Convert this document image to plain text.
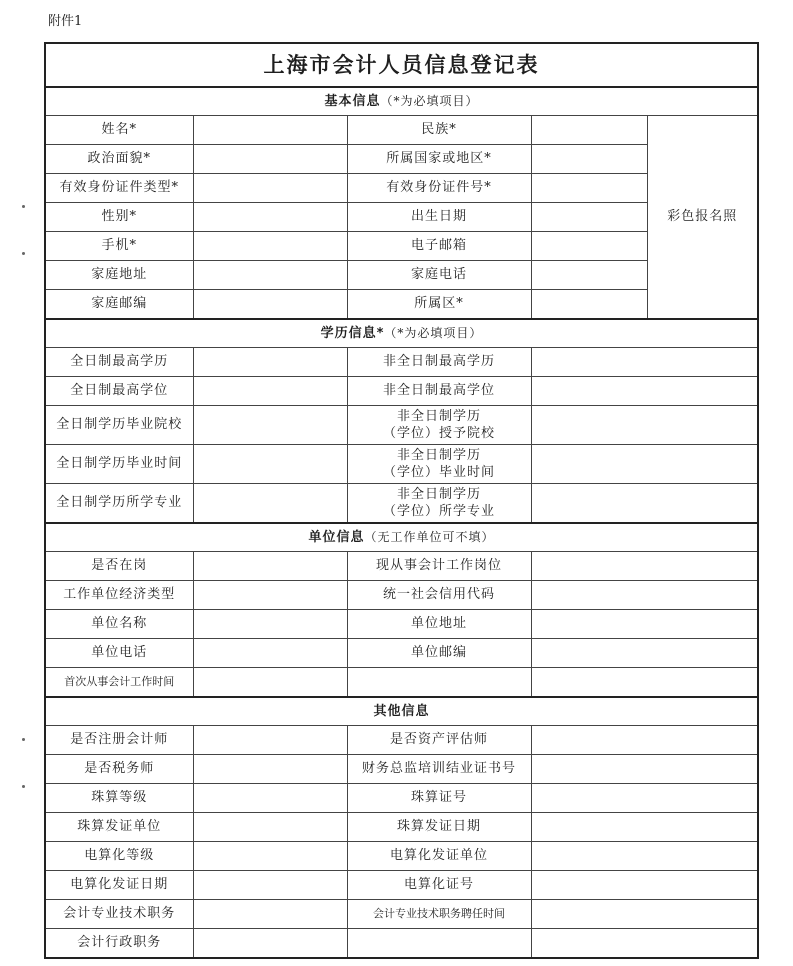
附件1
上海市会计人员信息登记表				
基本信息（*为必填项目）				
姓名*		民族*		彩色报名照
政治面貌*		所属国家或地区*		
有效身份证件类型*		有效身份证件号*		
性别*		出生日期		
手机*		电子邮箱		
家庭地址		家庭电话		
家庭邮编		所属区*		
学历信息*（*为必填项目）				
全日制最高学历		非全日制最高学历		
全日制最高学位		非全日制最高学位		
全日制学历毕业院校		非全日制学历
（学位）授予院校		

全日制学历毕业时间		非全日制学历
（学位）毕业时间		

全日制学历所学专业		非全日制学历
（学位）所学专业		

单位信息（无工作单位可不填）				
是否在岗		现从事会计工作岗位		
工作单位经济类型		统一社会信用代码		
单位名称		单位地址		
单位电话		单位邮编		
首次从事会计工作时间				
其他信息				
是否注册会计师		是否资产评估师		
是否税务师		财务总监培训结业证书号		
珠算等级		珠算证号		
珠算发证单位		珠算发证日期		
电算化等级		电算化发证单位		
电算化发证日期		电算化证号		
会计专业技术职务		会计专业技术职务聘任时间		
会计行政职务				
